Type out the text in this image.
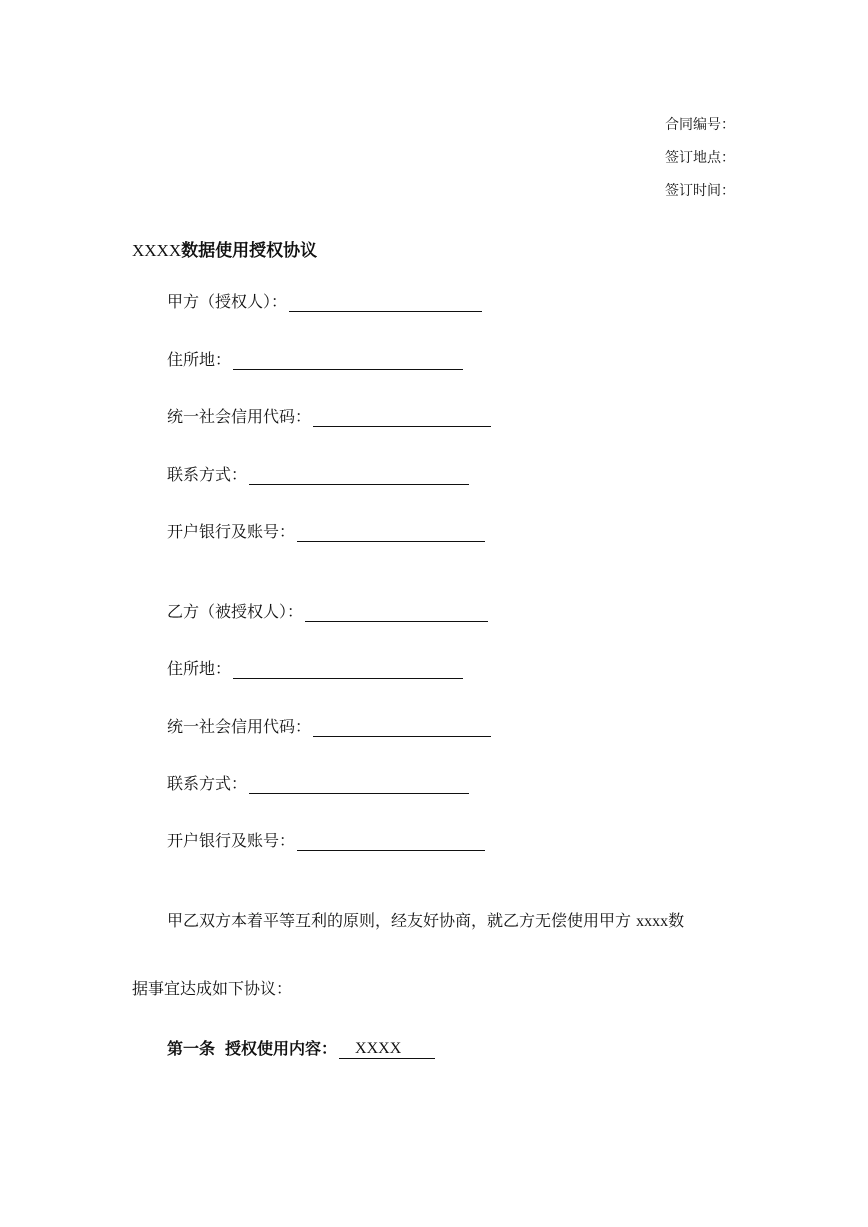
合同编号：
签订地点：
签订时间：
XXXX数据使用授权协议
甲方（授权人）：
住所地：
统一社会信用代码：
联系方式：
开户银行及账号：
乙方（被授权人）：
住所地：
统一社会信用代码：
联系方式：
开户银行及账号：
甲乙双方本着平等互利的原则，经友好协商，就乙方无偿使用甲方 xxxx数
据事宜达成如下协议：
第一条 授权使用内容：	XXXX
